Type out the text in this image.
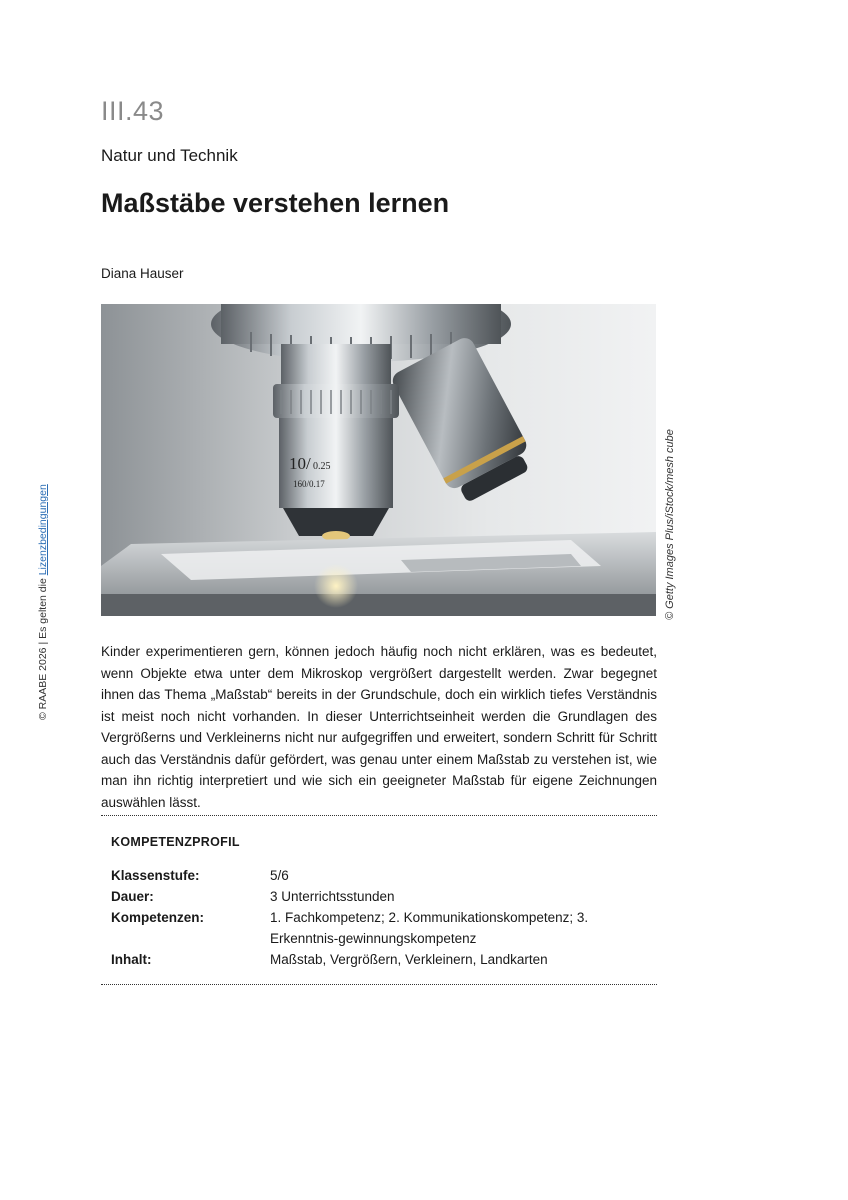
III.43
Natur und Technik
Maßstäbe verstehen lernen
Diana Hauser
10/ 0.25
160/0.17	© Getty Images Plus/iStock/mesh cube
© RAABE 2026 | Es gelten die Lizenzbedingungen
Kinder experimentieren gern, können jedoch häufig noch nicht erklären, was es bedeutet, wenn Objekte etwa unter dem Mikroskop vergrößert dargestellt werden. Zwar begegnet ihnen das Thema „Maßstab“ bereits in der Grundschule, doch ein wirklich tiefes Verständnis ist meist noch nicht vorhanden. In dieser Unterrichtseinheit werden die Grundlagen des Vergrößerns und Verkleinerns nicht nur aufgegriffen und erweitert, sondern Schritt für Schritt auch das Verständnis dafür gefördert, was genau unter einem Maßstab zu verstehen ist, wie man ihn richtig interpretiert und wie sich ein geeigneter Maßstab für eigene Zeichnungen auswählen lässt.
KOMPETENZPROFIL
Klassenstufe:	5/6
Dauer:	3 Unterrichtsstunden
Kompetenzen:	1. Fachkompetenz; 2. Kommunikationskompetenz; 3. Erkenntnis-gewinnungskompetenz
Inhalt:	Maßstab, Vergrößern, Verkleinern, Landkarten
